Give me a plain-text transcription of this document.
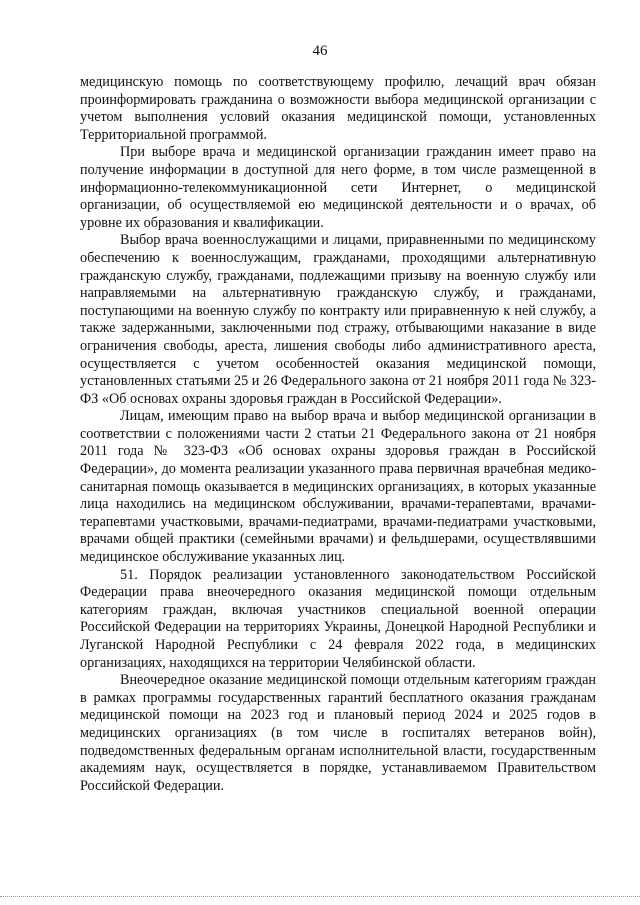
46

медицинскую помощь по соответствующему профилю, лечащий врач обязан проинформировать гражданина о возможности выбора медицинской организации с учетом выполнения условий оказания медицинской помощи, установленных Территориальной программой.

При выборе врача и медицинской организации гражданин имеет право на получение информации в доступной для него форме, в том числе размещенной в информационно-телекоммуникационной сети Интернет, о медицинской организации, об осуществляемой ею медицинской деятельности и о врачах, об уровне их образования и квалификации.

Выбор врача военнослужащими и лицами, приравненными по медицинскому обеспечению к военнослужащим, гражданами, проходящими альтернативную гражданскую службу, гражданами, подлежащими призыву на военную службу или направляемыми на альтернативную гражданскую службу, и гражданами, поступающими на военную службу по контракту или приравненную к ней службу, а также задержанными, заключенными под стражу, отбывающими наказание в виде ограничения свободы, ареста, лишения свободы либо административного ареста, осуществляется с учетом особенностей оказания медицинской помощи, установленных статьями 25 и 26 Федерального закона от 21 ноября 2011 года № 323-ФЗ «Об основах охраны здоровья граждан в Российской Федерации».

Лицам, имеющим право на выбор врача и выбор медицинской организации в соответствии с положениями части 2 статьи 21 Федерального закона от 21 ноября 2011 года № 323-ФЗ «Об основах охраны здоровья граждан в Российской Федерации», до момента реализации указанного права первичная врачебная медико-санитарная помощь оказывается в медицинских организациях, в которых указанные лица находились на медицинском обслуживании, врачами-терапевтами, врачами-терапевтами участковыми, врачами-педиатрами, врачами-педиатрами участковыми, врачами общей практики (семейными врачами) и фельдшерами, осуществлявшими медицинское обслуживание указанных лиц.

51. Порядок реализации установленного законодательством Российской Федерации права внеочередного оказания медицинской помощи отдельным категориям граждан, включая участников специальной военной операции Российской Федерации на территориях Украины, Донецкой Народной Республики и Луганской Народной Республики с 24 февраля 2022 года, в медицинских организациях, находящихся на территории Челябинской области.

Внеочередное оказание медицинской помощи отдельным категориям граждан в рамках программы государственных гарантий бесплатного оказания гражданам медицинской помощи на 2023 год и плановый период 2024 и 2025 годов в медицинских организациях (в том числе в госпиталях ветеранов войн), подведомственных федеральным органам исполнительной власти, государственным академиям наук, осуществляется в порядке, устанавливаемом Правительством Российской Федерации.
